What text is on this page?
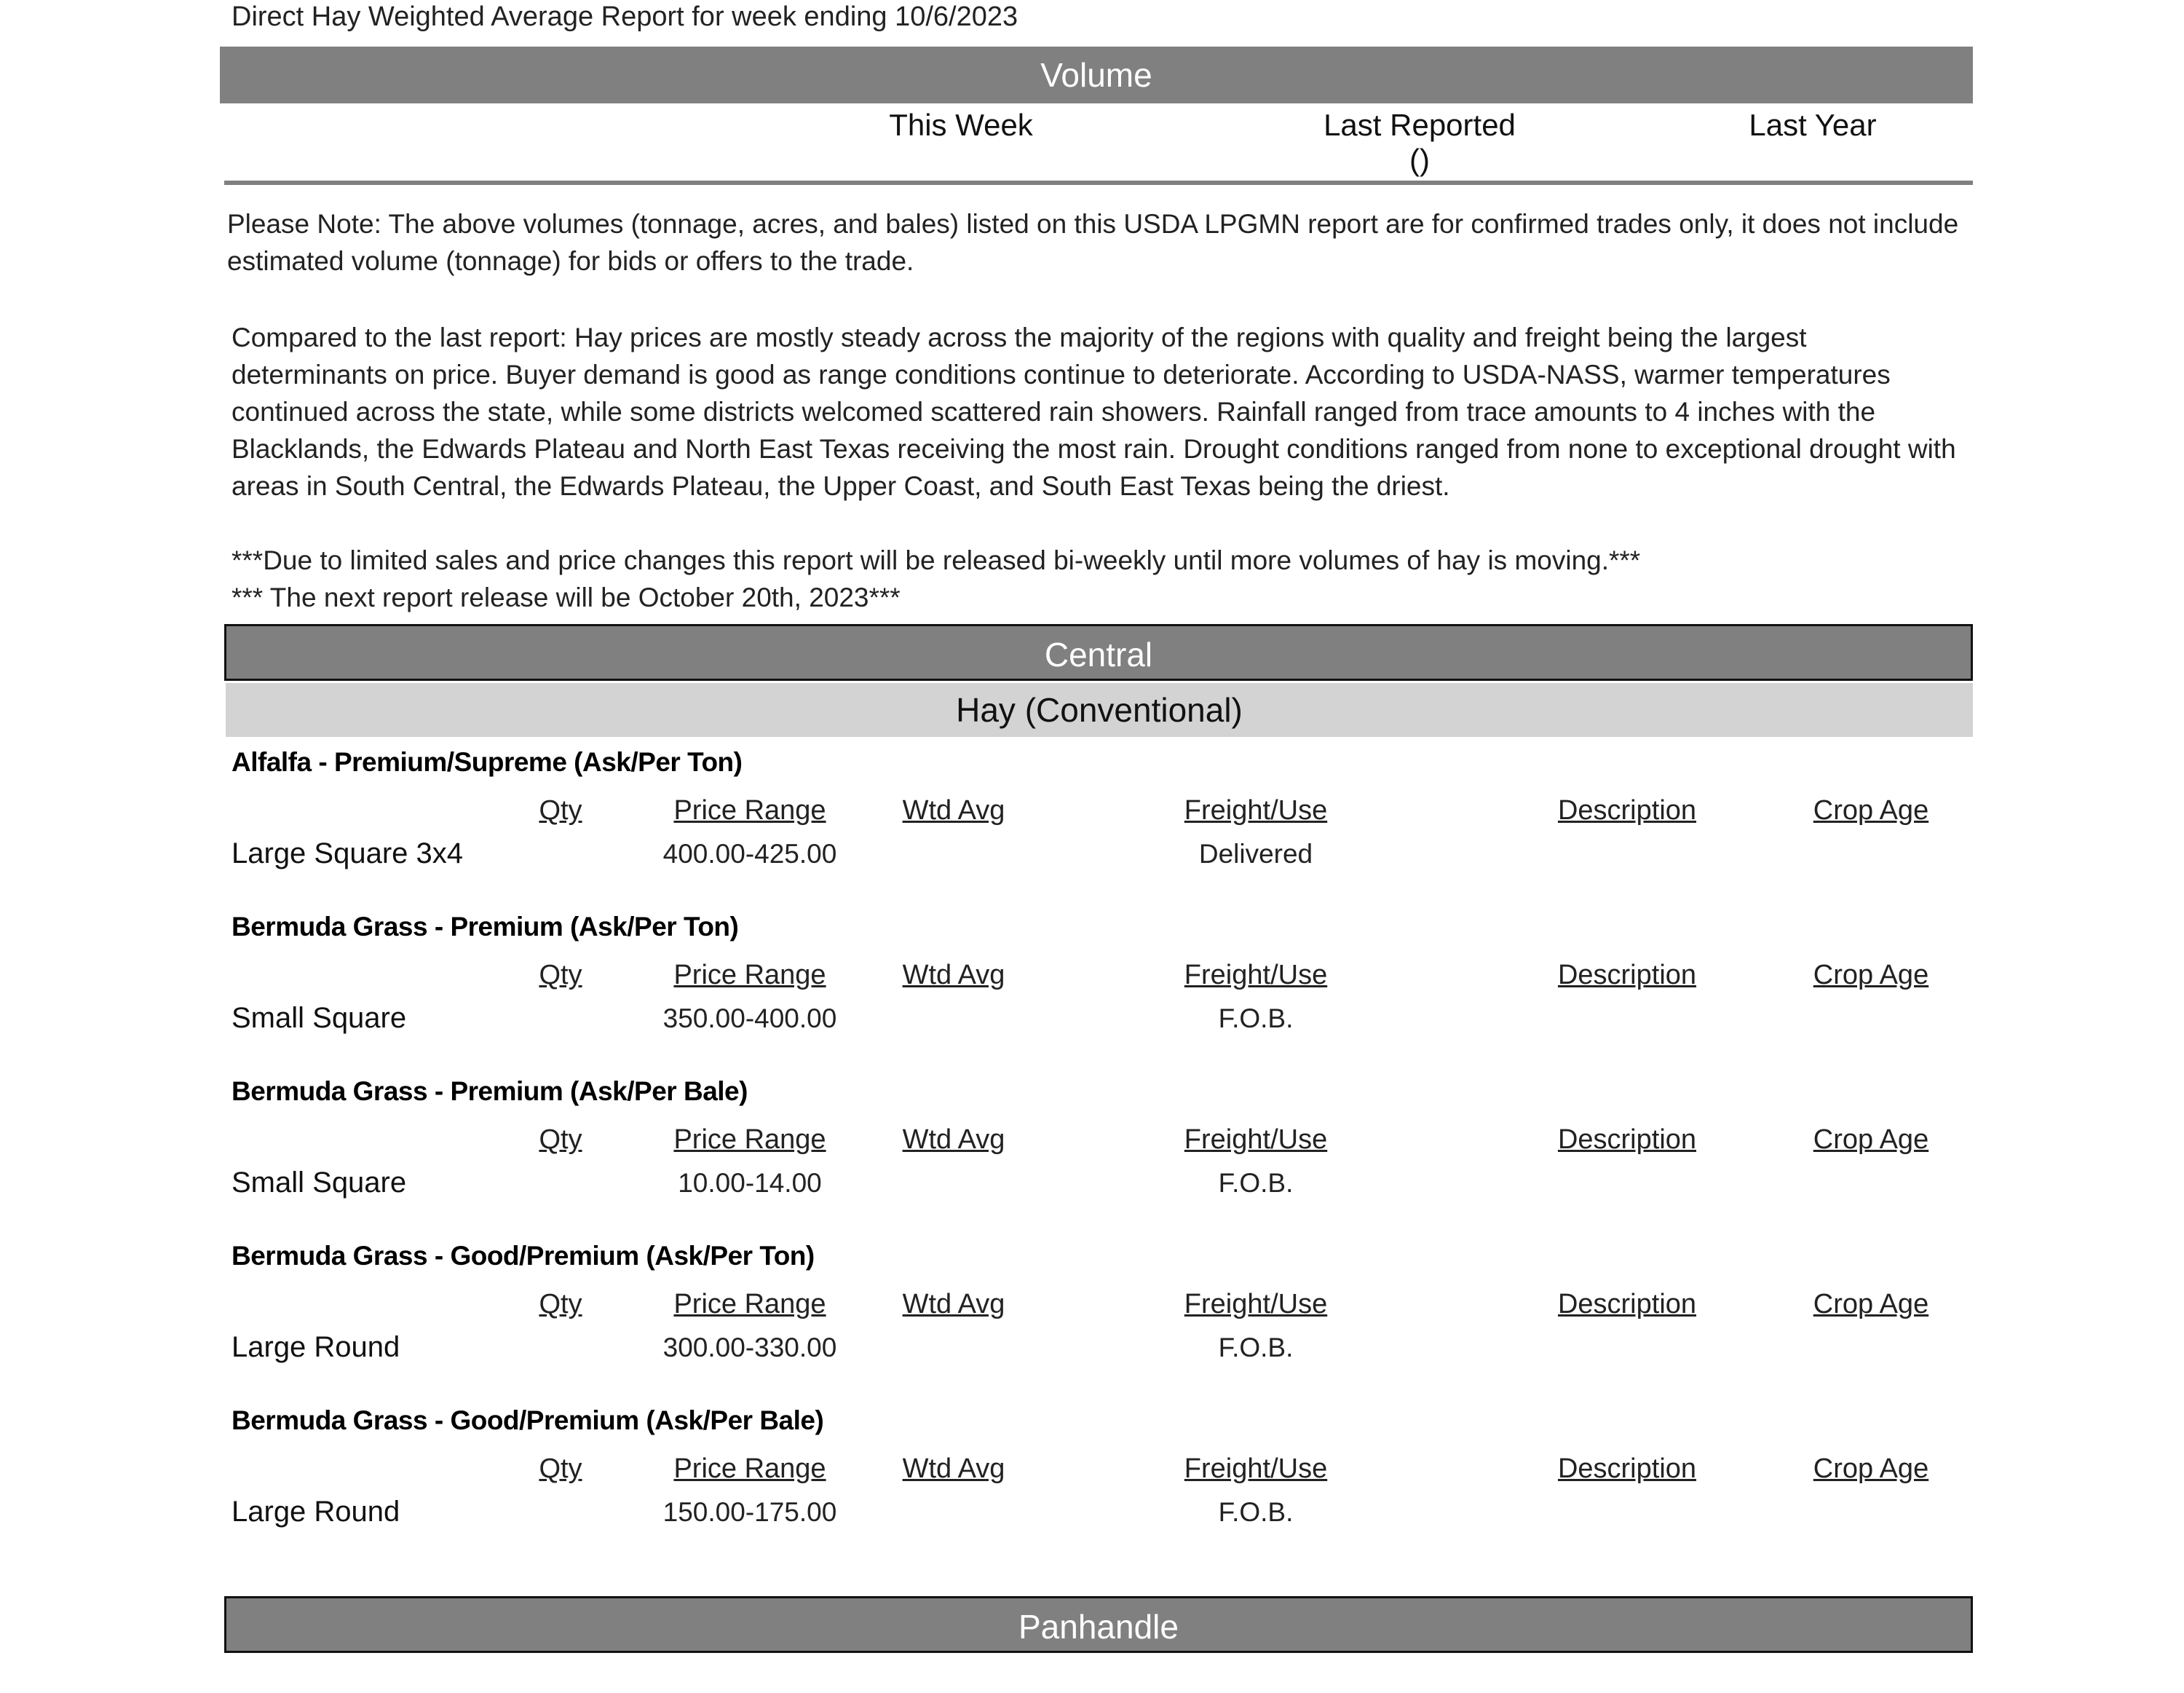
Direct Hay Weighted Average Report for week ending 10/6/2023
Volume
This Week	Last Reported
()
Last Year
Please Note: The above volumes (tonnage, acres, and bales) listed on this USDA LPGMN report are for confirmed trades only, it does not include estimated volume (tonnage) for bids or offers to the trade.
Compared to the last report: Hay prices are mostly steady across the majority of the regions with quality and freight being the largest determinants on price. Buyer demand is good as range conditions continue to deteriorate. According to USDA-NASS, warmer temperatures continued across the state, while some districts welcomed scattered rain showers. Rainfall ranged from trace amounts to 4 inches with the Blacklands, the Edwards Plateau and North East Texas receiving the most rain. Drought conditions ranged from none to exceptional drought with areas in South Central, the Edwards Plateau, the Upper Coast, and South East Texas being the driest.
***Due to limited sales and price changes this report will be released bi-weekly until more volumes of hay is moving.***
*** The next report release will be October 20th, 2023***
Central
Hay (Conventional)
Alfalfa - Premium/Supreme (Ask/Per Ton)
Qty	Price Range	Wtd Avg	Freight/Use	Description	Crop Age
Large Square 3x4	400.00-425.00	Delivered
Bermuda Grass - Premium (Ask/Per Ton)
Qty	Price Range	Wtd Avg	Freight/Use	Description	Crop Age
Small Square	350.00-400.00	F.O.B.
Bermuda Grass - Premium (Ask/Per Bale)
Qty	Price Range	Wtd Avg	Freight/Use	Description	Crop Age
Small Square	10.00-14.00	F.O.B.
Bermuda Grass - Good/Premium (Ask/Per Ton)
Qty	Price Range	Wtd Avg	Freight/Use	Description	Crop Age
Large Round	300.00-330.00	F.O.B.
Bermuda Grass - Good/Premium (Ask/Per Bale)
Qty	Price Range	Wtd Avg	Freight/Use	Description	Crop Age
Large Round	150.00-175.00	F.O.B.
Panhandle
